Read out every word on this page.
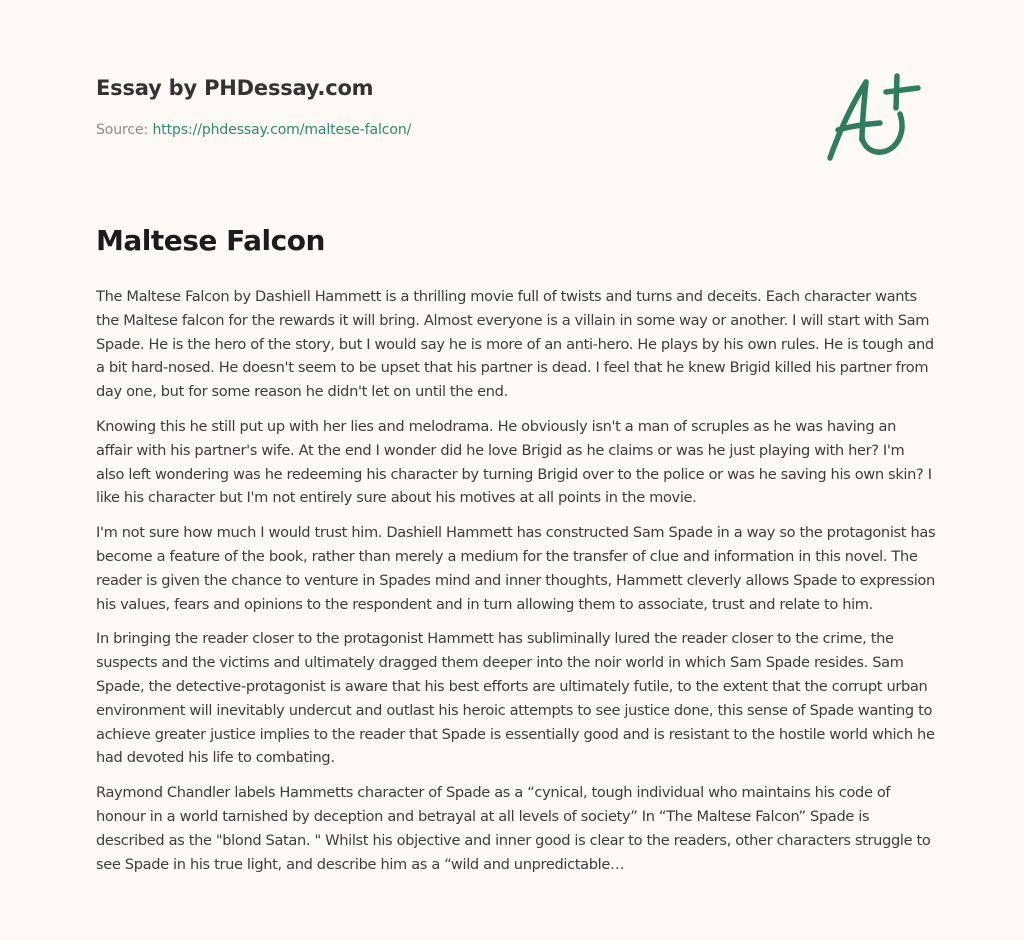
Essay by PHDessay.com
Source: https://phdessay.com/maltese-falcon/
Maltese Falcon

The Maltese Falcon by Dashiell Hammett is a thrilling movie full of twists and turns and deceits. Each character wants the Maltese falcon for the rewards it will bring. Almost everyone is a villain in some way or another. I will start with Sam Spade. He is the hero of the story, but I would say he is more of an anti-hero. He plays by his own rules. He is tough and a bit hard-nosed. He doesn't seem to be upset that his partner is dead. I feel that he knew Brigid killed his partner from day one, but for some reason he didn't let on until the end.

Knowing this he still put up with her lies and melodrama. He obviously isn't a man of scruples as he was having an affair with his partner's wife. At the end I wonder did he love Brigid as he claims or was he just playing with her? I'm also left wondering was he redeeming his character by turning Brigid over to the police or was he saving his own skin? I like his character but I'm not entirely sure about his motives at all points in the movie.

I'm not sure how much I would trust him. Dashiell Hammett has constructed Sam Spade in a way so the protagonist has become a feature of the book, rather than merely a medium for the transfer of clue and information in this novel. The reader is given the chance to venture in Spades mind and inner thoughts, Hammett cleverly allows Spade to expression his values, fears and opinions to the respondent and in turn allowing them to associate, trust and relate to him.

In bringing the reader closer to the protagonist Hammett has subliminally lured the reader closer to the crime, the suspects and the victims and ultimately dragged them deeper into the noir world in which Sam Spade resides. Sam Spade, the detective-protagonist is aware that his best efforts are ultimately futile, to the extent that the corrupt urban environment will inevitably undercut and outlast his heroic attempts to see justice done, this sense of Spade wanting to achieve greater justice implies to the reader that Spade is essentially good and is resistant to the hostile world which he had devoted his life to combating.

Raymond Chandler labels Hammetts character of Spade as a “cynical, tough individual who maintains his code of honour in a world tarnished by deception and betrayal at all levels of society” In “The Maltese Falcon” Spade is described as the "blond Satan. " Whilst his objective and inner good is clear to the readers, other characters struggle to see Spade in his true light, and describe him as a “wild and unpredictable…
